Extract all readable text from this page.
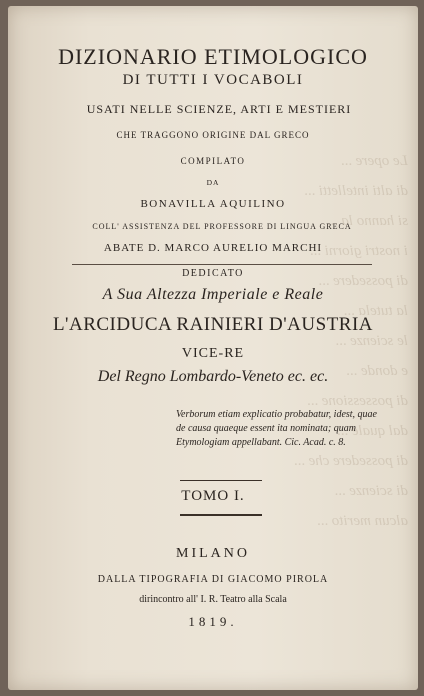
Le opere ...
di alti intelletti ...
si hanno la ...
i nostri giorni ...
di possedere ...
la tutela ...
le scienze ...
e donde ...
di possessione ...
dal quale ...
di possedere che ...
di scienze ...
alcun merito ...
DIZIONARIO ETIMOLOGICO
DI TUTTI I VOCABOLI
USATI NELLE SCIENZE, ARTI E MESTIERI
CHE TRAGGONO ORIGINE DAL GRECO
COMPILATO
DA
BONAVILLA AQUILINO
COLL' ASSISTENZA DEL PROFESSORE DI LINGUA GRECA
ABATE D. MARCO AURELIO MARCHI
DEDICATO
A Sua Altezza Imperiale e Reale
L'ARCIDUCA RAINIERI D'AUSTRIA
VICE-RE
Del Regno Lombardo-Veneto ec. ec.
Verborum etiam explicatio probabatur, idest, quae
de causa quaeque essent ita nominata; quam
Etymologiam appellabant. Cic. Acad. c. 8.
TOMO I.
MILANO
DALLA TIPOGRAFIA DI GIACOMO PIROLA
dirincontro all' I. R. Teatro alla Scala
1819.
